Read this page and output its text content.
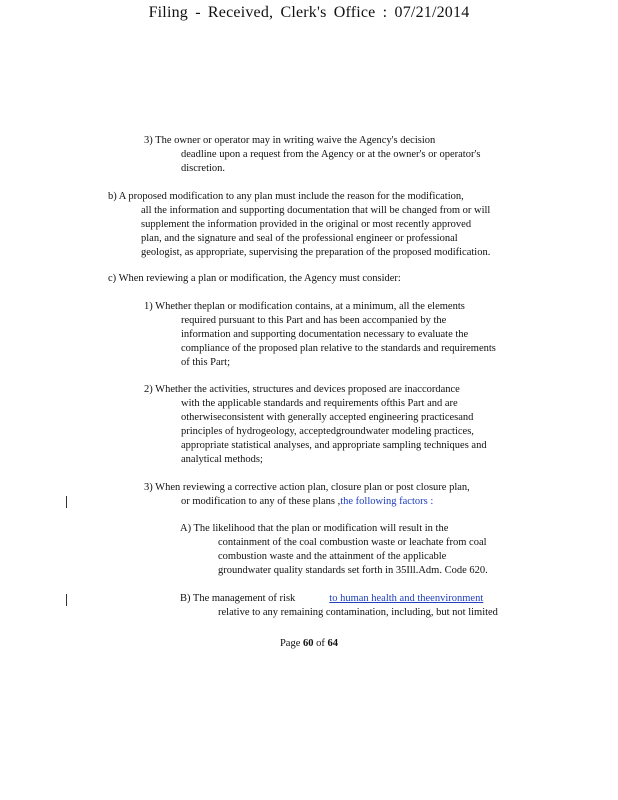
Filing - Received, Clerk's Office : 07/21/2014
3) The owner or operator may in writing waive the Agency's decision
deadline upon a request from the Agency or at the owner's or operator's
discretion.
b) A proposed modification to any plan must include the reason for the modification,
all the information and supporting documentation that will be changed from or will
supplement the information provided in the original or most recently approved
plan, and the signature and seal of the professional engineer or professional
geologist, as appropriate, supervising the preparation of the proposed modification.
c) When reviewing a plan or modification, the Agency must consider:
1) Whether theplan or modification contains, at a minimum, all the elements
required pursuant to this Part and has been accompanied by the
information and supporting documentation necessary to evaluate the
compliance of the proposed plan relative to the standards and requirements
of this Part;
2) Whether the activities, structures and devices proposed are inaccordance
with the applicable standards and requirements ofthis Part and are
otherwiseconsistent with generally accepted engineering practicesand
principles of hydrogeology, acceptedgroundwater modeling practices,
appropriate statistical analyses, and appropriate sampling techniques and
analytical methods;
3) When reviewing a corrective action plan, closure plan or post closure plan,
or modification to any of these plans ,the following factors :
A) The likelihood that the plan or modification will result in the
containment of the coal combustion waste or leachate from coal
combustion waste and the attainment of the applicable
groundwater quality standards set forth in 35Ill.Adm. Code 620.
B) The management of risk	to human health and theenvironment
relative to any remaining contamination, including, but not limited
Page 60 of 64
